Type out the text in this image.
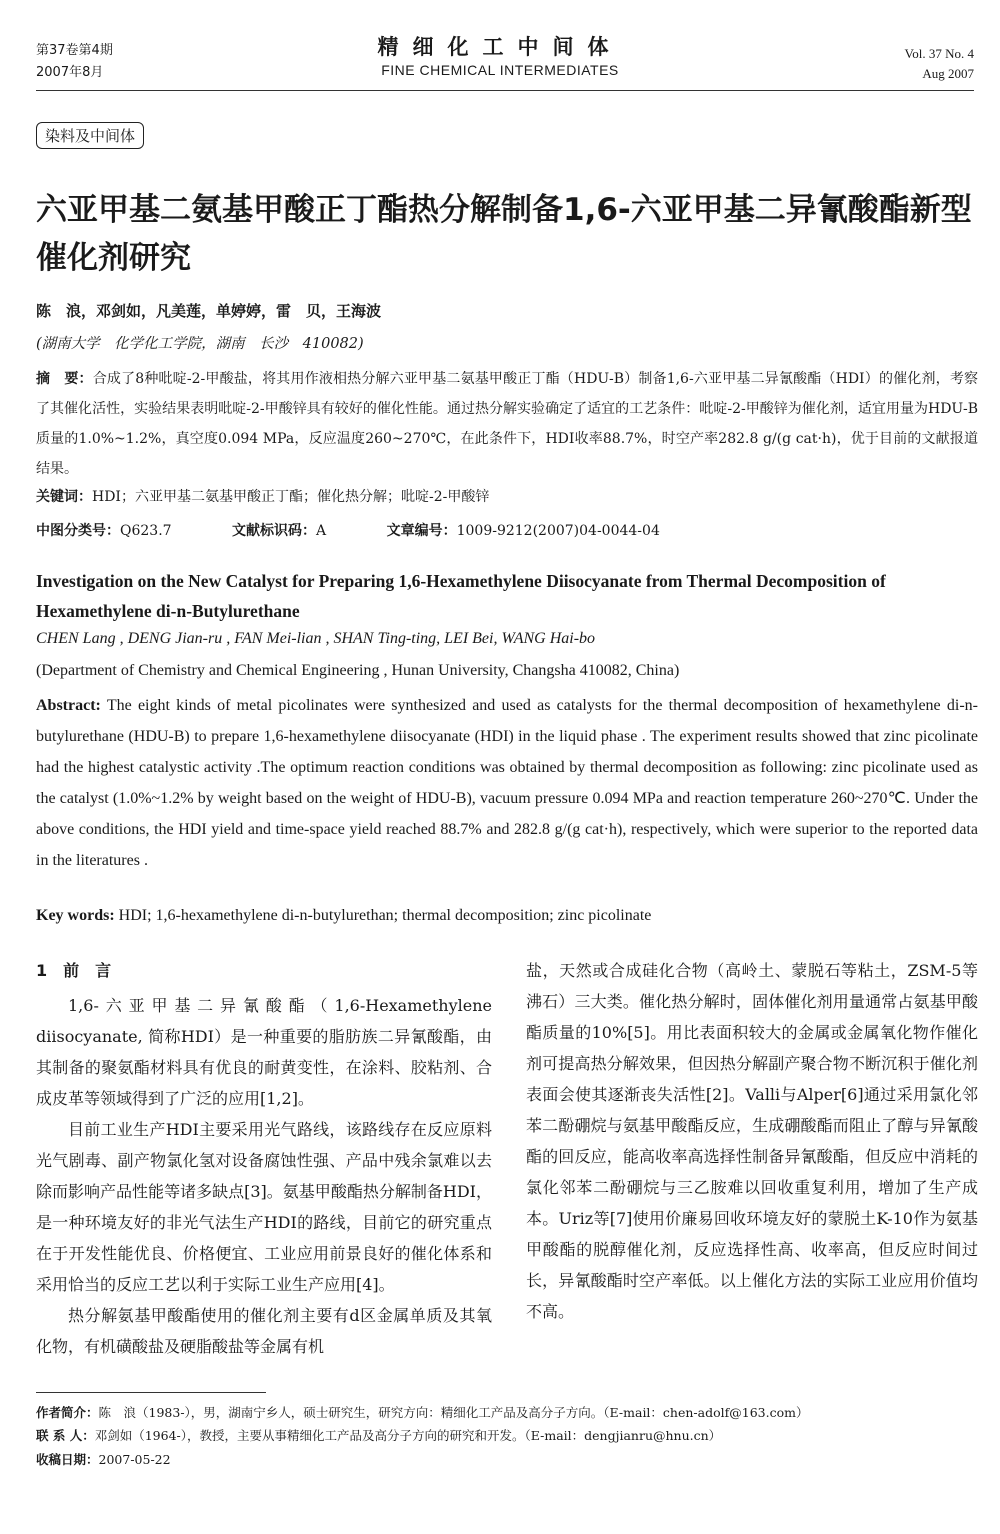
第37卷第4期
2007年8月
精细化工中间体
FINE CHEMICAL INTERMEDIATES
Vol. 37 No. 4
Aug 2007
染料及中间体
六亚甲基二氨基甲酸正丁酯热分解制备1,6-六亚甲基二异氰酸酯新型催化剂研究
陈　浪，邓剑如，凡美莲，单婷婷，雷　贝，王海波
(湖南大学　化学化工学院，湖南　长沙　410082)
摘　要：合成了8种吡啶-2-甲酸盐，将其用作液相热分解六亚甲基二氨基甲酸正丁酯（HDU-B）制备1,6-六亚甲基二异氰酸酯（HDI）的催化剂，考察了其催化活性，实验结果表明吡啶-2-甲酸锌具有较好的催化性能。通过热分解实验确定了适宜的工艺条件：吡啶-2-甲酸锌为催化剂，适宜用量为HDU-B质量的1.0%~1.2%，真空度0.094 MPa，反应温度260~270℃，在此条件下，HDI收率88.7%，时空产率282.8 g/(g cat·h)，优于目前的文献报道结果。
关键词：HDI；六亚甲基二氨基甲酸正丁酯；催化热分解；吡啶-2-甲酸锌
中图分类号：Q623.7	文献标识码：A	文章编号：1009-9212(2007)04-0044-04
Investigation on the New Catalyst for Preparing 1,6-Hexamethylene Diisocyanate from Thermal Decomposition of Hexamethylene di-n-Butylurethane
CHEN Lang , DENG Jian-ru , FAN Mei-lian , SHAN Ting-ting, LEI Bei, WANG Hai-bo
(Department of Chemistry and Chemical Engineering , Hunan University, Changsha 410082, China)
Abstract: The eight kinds of metal picolinates were synthesized and used as catalysts for the thermal decomposition of hexamethylene di-n-butylurethane (HDU-B) to prepare 1,6-hexamethylene diisocyanate (HDI) in the liquid phase . The experiment results showed that zinc picolinate had the highest catalystic activity .The optimum reaction conditions was obtained by thermal decomposition as following: zinc picolinate used as the catalyst (1.0%~1.2% by weight based on the weight of HDU-B), vacuum pressure 0.094 MPa and reaction temperature 260~270℃. Under the above conditions, the HDI yield and time-space yield reached 88.7% and 282.8 g/(g cat·h), respectively, which were superior to the reported data in the literatures .
Key words: HDI; 1,6-hexamethylene di-n-butylurethan; thermal decomposition; zinc picolinate
1　前　言

1,6-六亚甲基二异氰酸酯（1,6-Hexamethylene diisocyanate, 简称HDI）是一种重要的脂肪族二异氰酸酯，由其制备的聚氨酯材料具有优良的耐黄变性，在涂料、胶粘剂、合成皮革等领域得到了广泛的应用[1,2]。

目前工业生产HDI主要采用光气路线，该路线存在反应原料光气剧毒、副产物氯化氢对设备腐蚀性强、产品中残余氯难以去除而影响产品性能等诸多缺点[3]。氨基甲酸酯热分解制备HDI，是一种环境友好的非光气法生产HDI的路线，目前它的研究重点在于开发性能优良、价格便宜、工业应用前景良好的催化体系和采用恰当的反应工艺以利于实际工业生产应用[4]。

热分解氨基甲酸酯使用的催化剂主要有d区金属单质及其氧化物，有机磺酸盐及硬脂酸盐等金属有机

盐，天然或合成硅化合物（高岭土、蒙脱石等粘土，ZSM-5等沸石）三大类。催化热分解时，固体催化剂用量通常占氨基甲酸酯质量的10%[5]。用比表面积较大的金属或金属氧化物作催化剂可提高热分解效果，但因热分解副产聚合物不断沉积于催化剂表面会使其逐渐丧失活性[2]。Valli与Alper[6]通过采用氯化邻苯二酚硼烷与氨基甲酸酯反应，生成硼酸酯而阻止了醇与异氰酸酯的回反应，能高收率高选择性制备异氰酸酯，但反应中消耗的氯化邻苯二酚硼烷与三乙胺难以回收重复利用，增加了生产成本。Uriz等[7]使用价廉易回收环境友好的蒙脱土K-10作为氨基甲酸酯的脱醇催化剂，反应选择性高、收率高，但反应时间过长，异氰酸酯时空产率低。以上催化方法的实际工业应用价值均不高。

作者简介：陈　浪（1983-），男，湖南宁乡人，硕士研究生，研究方向：精细化工产品及高分子方向。（E-mail：chen-adolf@163.com）
联 系 人：邓剑如（1964-），教授，主要从事精细化工产品及高分子方向的研究和开发。（E-mail：dengjianru@hnu.cn）
收稿日期：2007-05-22
